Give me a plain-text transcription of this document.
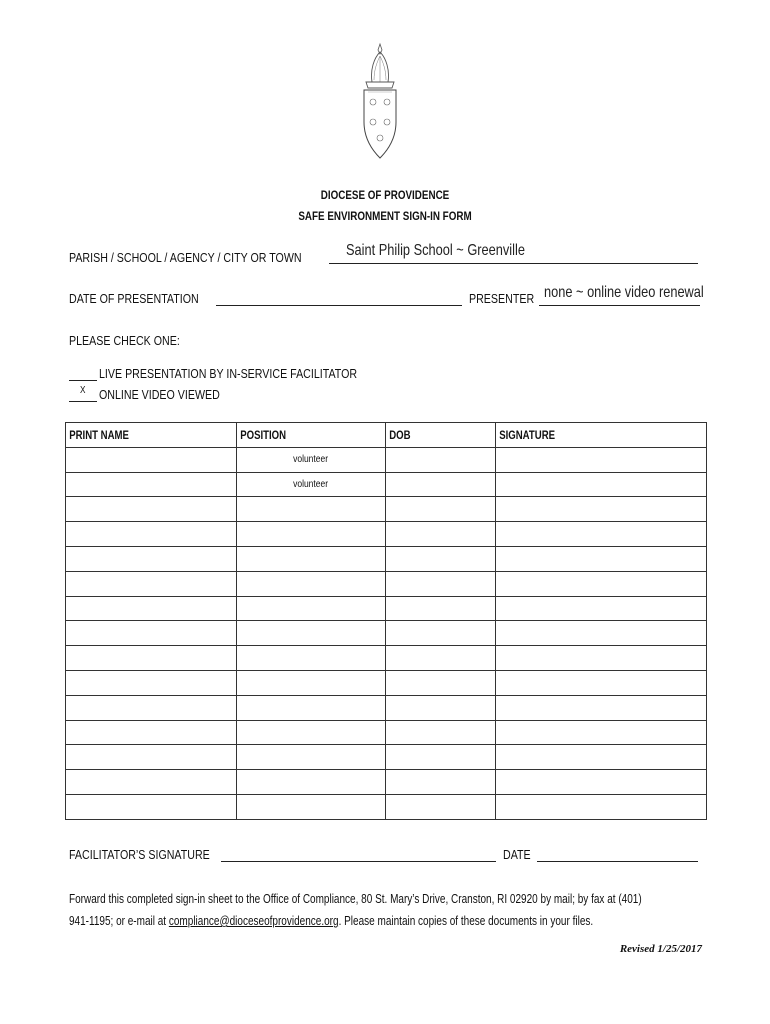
DIOCESE OF PROVIDENCE
SAFE ENVIRONMENT SIGN-IN FORM
PARISH / SCHOOL / AGENCY / CITY OR TOWN	Saint Philip School ~ Greenville
DATE OF PRESENTATION	PRESENTER none ~ online video renewal
PLEASE CHECK ONE:
LIVE PRESENTATION BY IN-SERVICE FACILITATOR
X ONLINE VIDEO VIEWED
PRINT NAME	POSITION	DOB	SIGNATURE
	volunteer		
	volunteer		

FACILITATOR’S SIGNATURE	DATE
Forward this completed sign-in sheet to the Office of Compliance, 80 St. Mary’s Drive, Cranston, RI 02920 by mail; by fax at (401)
941-1195; or e-mail at compliance@dioceseofprovidence.org. Please maintain copies of these documents in your files.
Revised 1/25/2017
